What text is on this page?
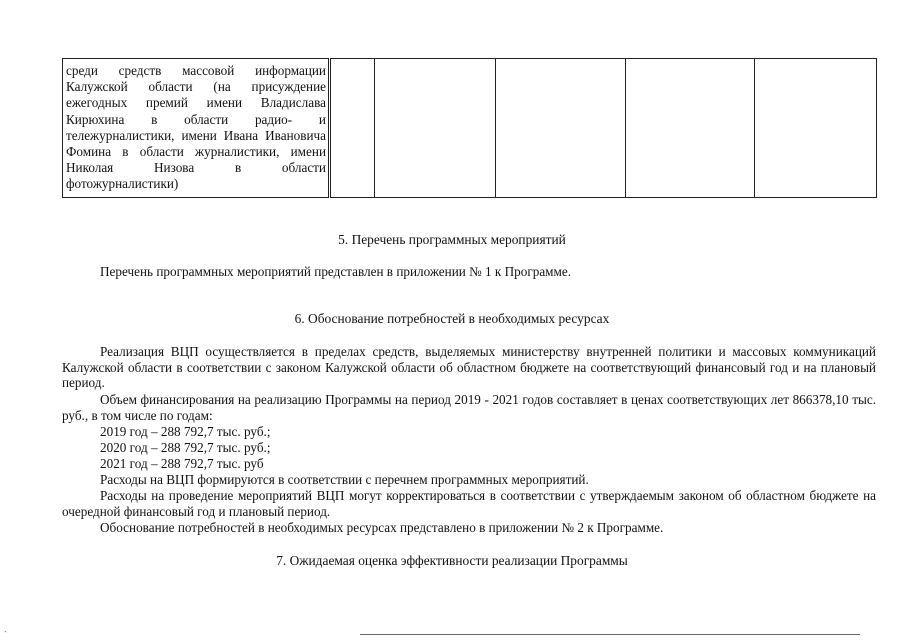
среди средств массовой информации Калужской области (на присуждение ежегодных премий имени Владислава Кирюхина в области радио- и тележурналистики, имени Ивана Ивановича Фомина в области журналистики, имени Николая Низова в области фотожурналистики)					
5. Перечень программных мероприятий
Перечень программных мероприятий представлен в приложении № 1 к Программе.
6. Обоснование потребностей в необходимых ресурсах
Реализация ВЦП осуществляется в пределах средств, выделяемых министерству внутренней политики и массовых коммуникаций Калужской области в соответствии с законом Калужской области об областном бюджете на соответствующий финансовый год и на плановый период.
Объем финансирования на реализацию Программы на период 2019 - 2021 годов составляет в ценах соответствующих лет 866378,10 тыс. руб., в том числе по годам:
2019 год – 288 792,7 тыс. руб.;
2020 год – 288 792,7 тыс. руб.;
2021 год – 288 792,7 тыс. руб
Расходы на ВЦП формируются в соответствии с перечнем программных мероприятий.
Расходы на проведение мероприятий ВЦП могут корректироваться в соответствии с утверждаемым законом об областном бюджете на очередной финансовый год и плановый период.
Обоснование потребностей в необходимых ресурсах представлено в приложении № 2 к Программе.
7. Ожидаемая оценка эффективности реализации Программы
ˎ
